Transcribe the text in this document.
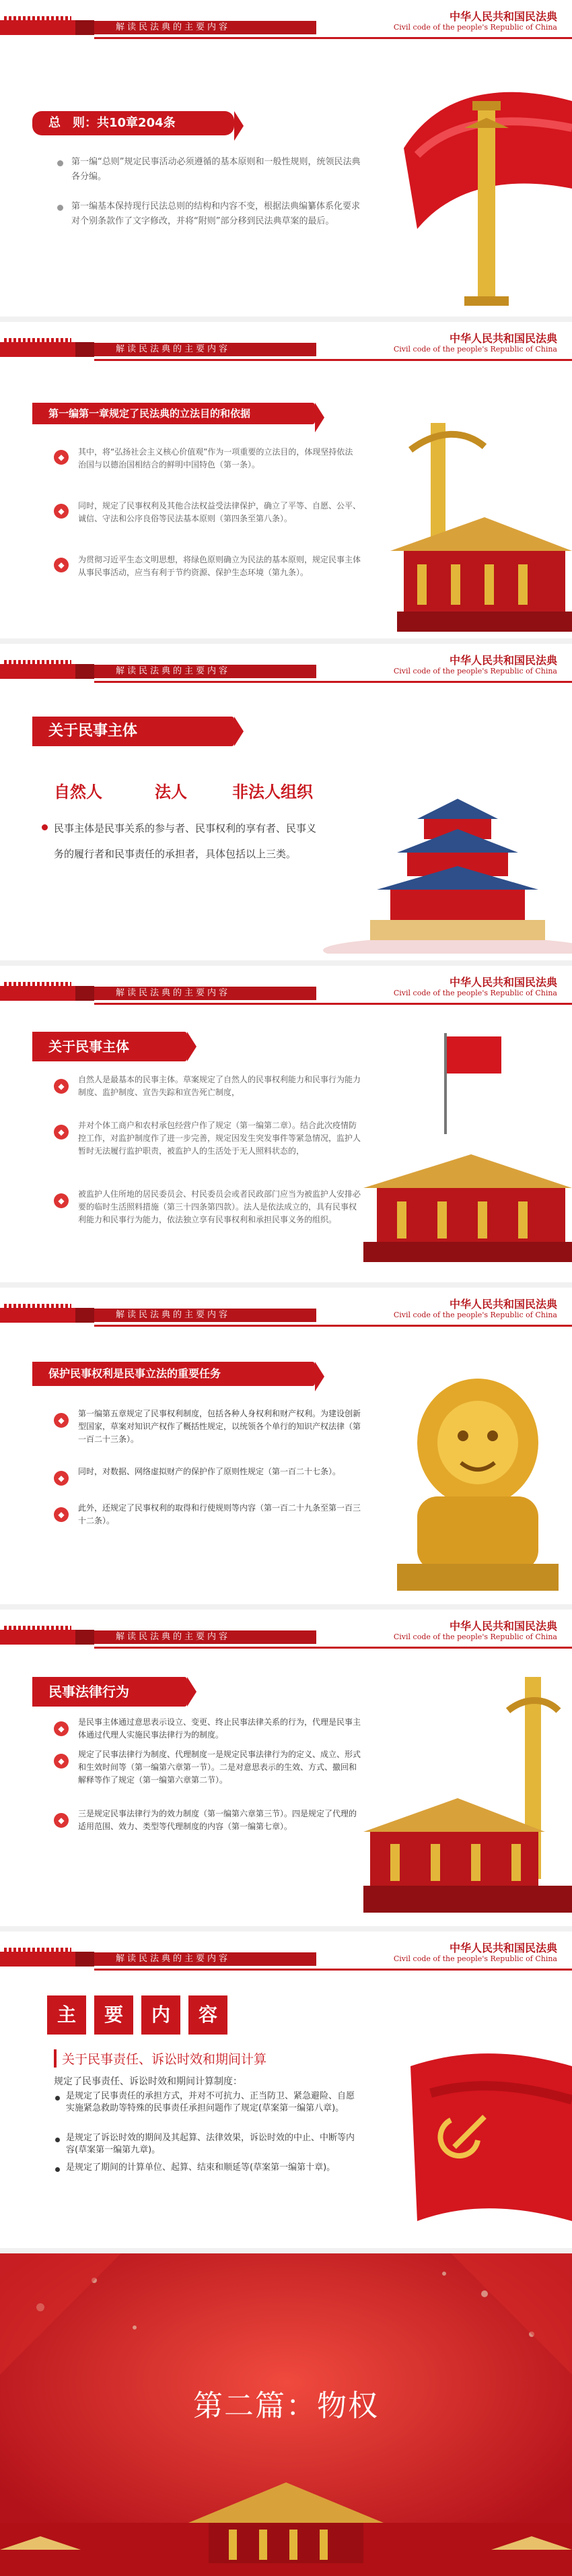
解读民法典的主要内容
中华人民共和国民法典
Civil code of the people's Republic of China
总　则：共10章204条
第一编“总则”规定民事活动必须遵循的基本原则和一般性规则，统领民法典各分编。
第一编基本保持现行民法总则的结构和内容不变，根据法典编纂体系化要求对个别条款作了文字修改，并将“附则”部分移到民法典草案的最后。
解读民法典的主要内容
中华人民共和国民法典
Civil code of the people's Republic of China
第一编第一章规定了民法典的立法目的和依据
◆
其中，将“弘扬社会主义核心价值观”作为一项重要的立法目的，体现坚持依法治国与以德治国相结合的鲜明中国特色（第一条）。
◆
同时，规定了民事权利及其他合法权益受法律保护，确立了平等、自愿、公平、诚信、守法和公序良俗等民法基本原则（第四条至第八条）。
◆
为贯彻习近平生态文明思想，将绿色原则确立为民法的基本原则，规定民事主体从事民事活动，应当有利于节约资源、保护生态环境（第九条）。
解读民法典的主要内容
中华人民共和国民法典
Civil code of the people's Republic of China
关于民事主体
自然人	法人	非法人组织
民事主体是民事关系的参与者、民事权利的享有者、民事义务的履行者和民事责任的承担者，具体包括以上三类。
解读民法典的主要内容
中华人民共和国民法典
Civil code of the people's Republic of China
关于民事主体
◆
自然人是最基本的民事主体。草案规定了自然人的民事权利能力和民事行为能力制度、监护制度、宣告失踪和宣告死亡制度，
◆
并对个体工商户和农村承包经营户作了规定（第一编第二章）。结合此次疫情防控工作，对监护制度作了进一步完善，规定因发生突发事件等紧急情况，监护人暂时无法履行监护职责，被监护人的生活处于无人照料状态的，
◆
被监护人住所地的居民委员会、村民委员会或者民政部门应当为被监护人安排必要的临时生活照料措施（第三十四条第四款）。法人是依法成立的，具有民事权利能力和民事行为能力，依法独立享有民事权利和承担民事义务的组织。
解读民法典的主要内容
中华人民共和国民法典
Civil code of the people's Republic of China
保护民事权利是民事立法的重要任务
◆
第一编第五章规定了民事权利制度，包括各种人身权利和财产权利。为建设创新型国家，草案对知识产权作了概括性规定，以统领各个单行的知识产权法律（第一百二十三条）。
◆
同时，对数据、网络虚拟财产的保护作了原则性规定（第一百二十七条）。
◆
此外，还规定了民事权利的取得和行使规则等内容（第一百二十九条至第一百三十二条）。
解读民法典的主要内容
中华人民共和国民法典
Civil code of the people's Republic of China
民事法律行为
◆
是民事主体通过意思表示设立、变更、终止民事法律关系的行为，代理是民事主体通过代理人实施民事法律行为的制度。
◆
规定了民事法律行为制度、代理制度一是规定民事法律行为的定义、成立、形式和生效时间等（第一编第六章第一节）。二是对意思表示的生效、方式、撤回和解释等作了规定（第一编第六章第二节）。
◆
三是规定民事法律行为的效力制度（第一编第六章第三节）。四是规定了代理的适用范围、效力、类型等代理制度的内容（第一编第七章）。
解读民法典的主要内容
中华人民共和国民法典
Civil code of the people's Republic of China
主	要	内	容
关于民事责任、诉讼时效和期间计算
规定了民事责任、诉讼时效和期间计算制度：
是规定了民事责任的承担方式，并对不可抗力、正当防卫、紧急避险、自愿实施紧急救助等特殊的民事责任承担问题作了规定(草案第一编第八章)。
是规定了诉讼时效的期间及其起算、法律效果，诉讼时效的中止、中断等内容(草案第一编第九章)。
是规定了期间的计算单位、起算、结束和顺延等(草案第一编第十章)。
第二篇：物权
